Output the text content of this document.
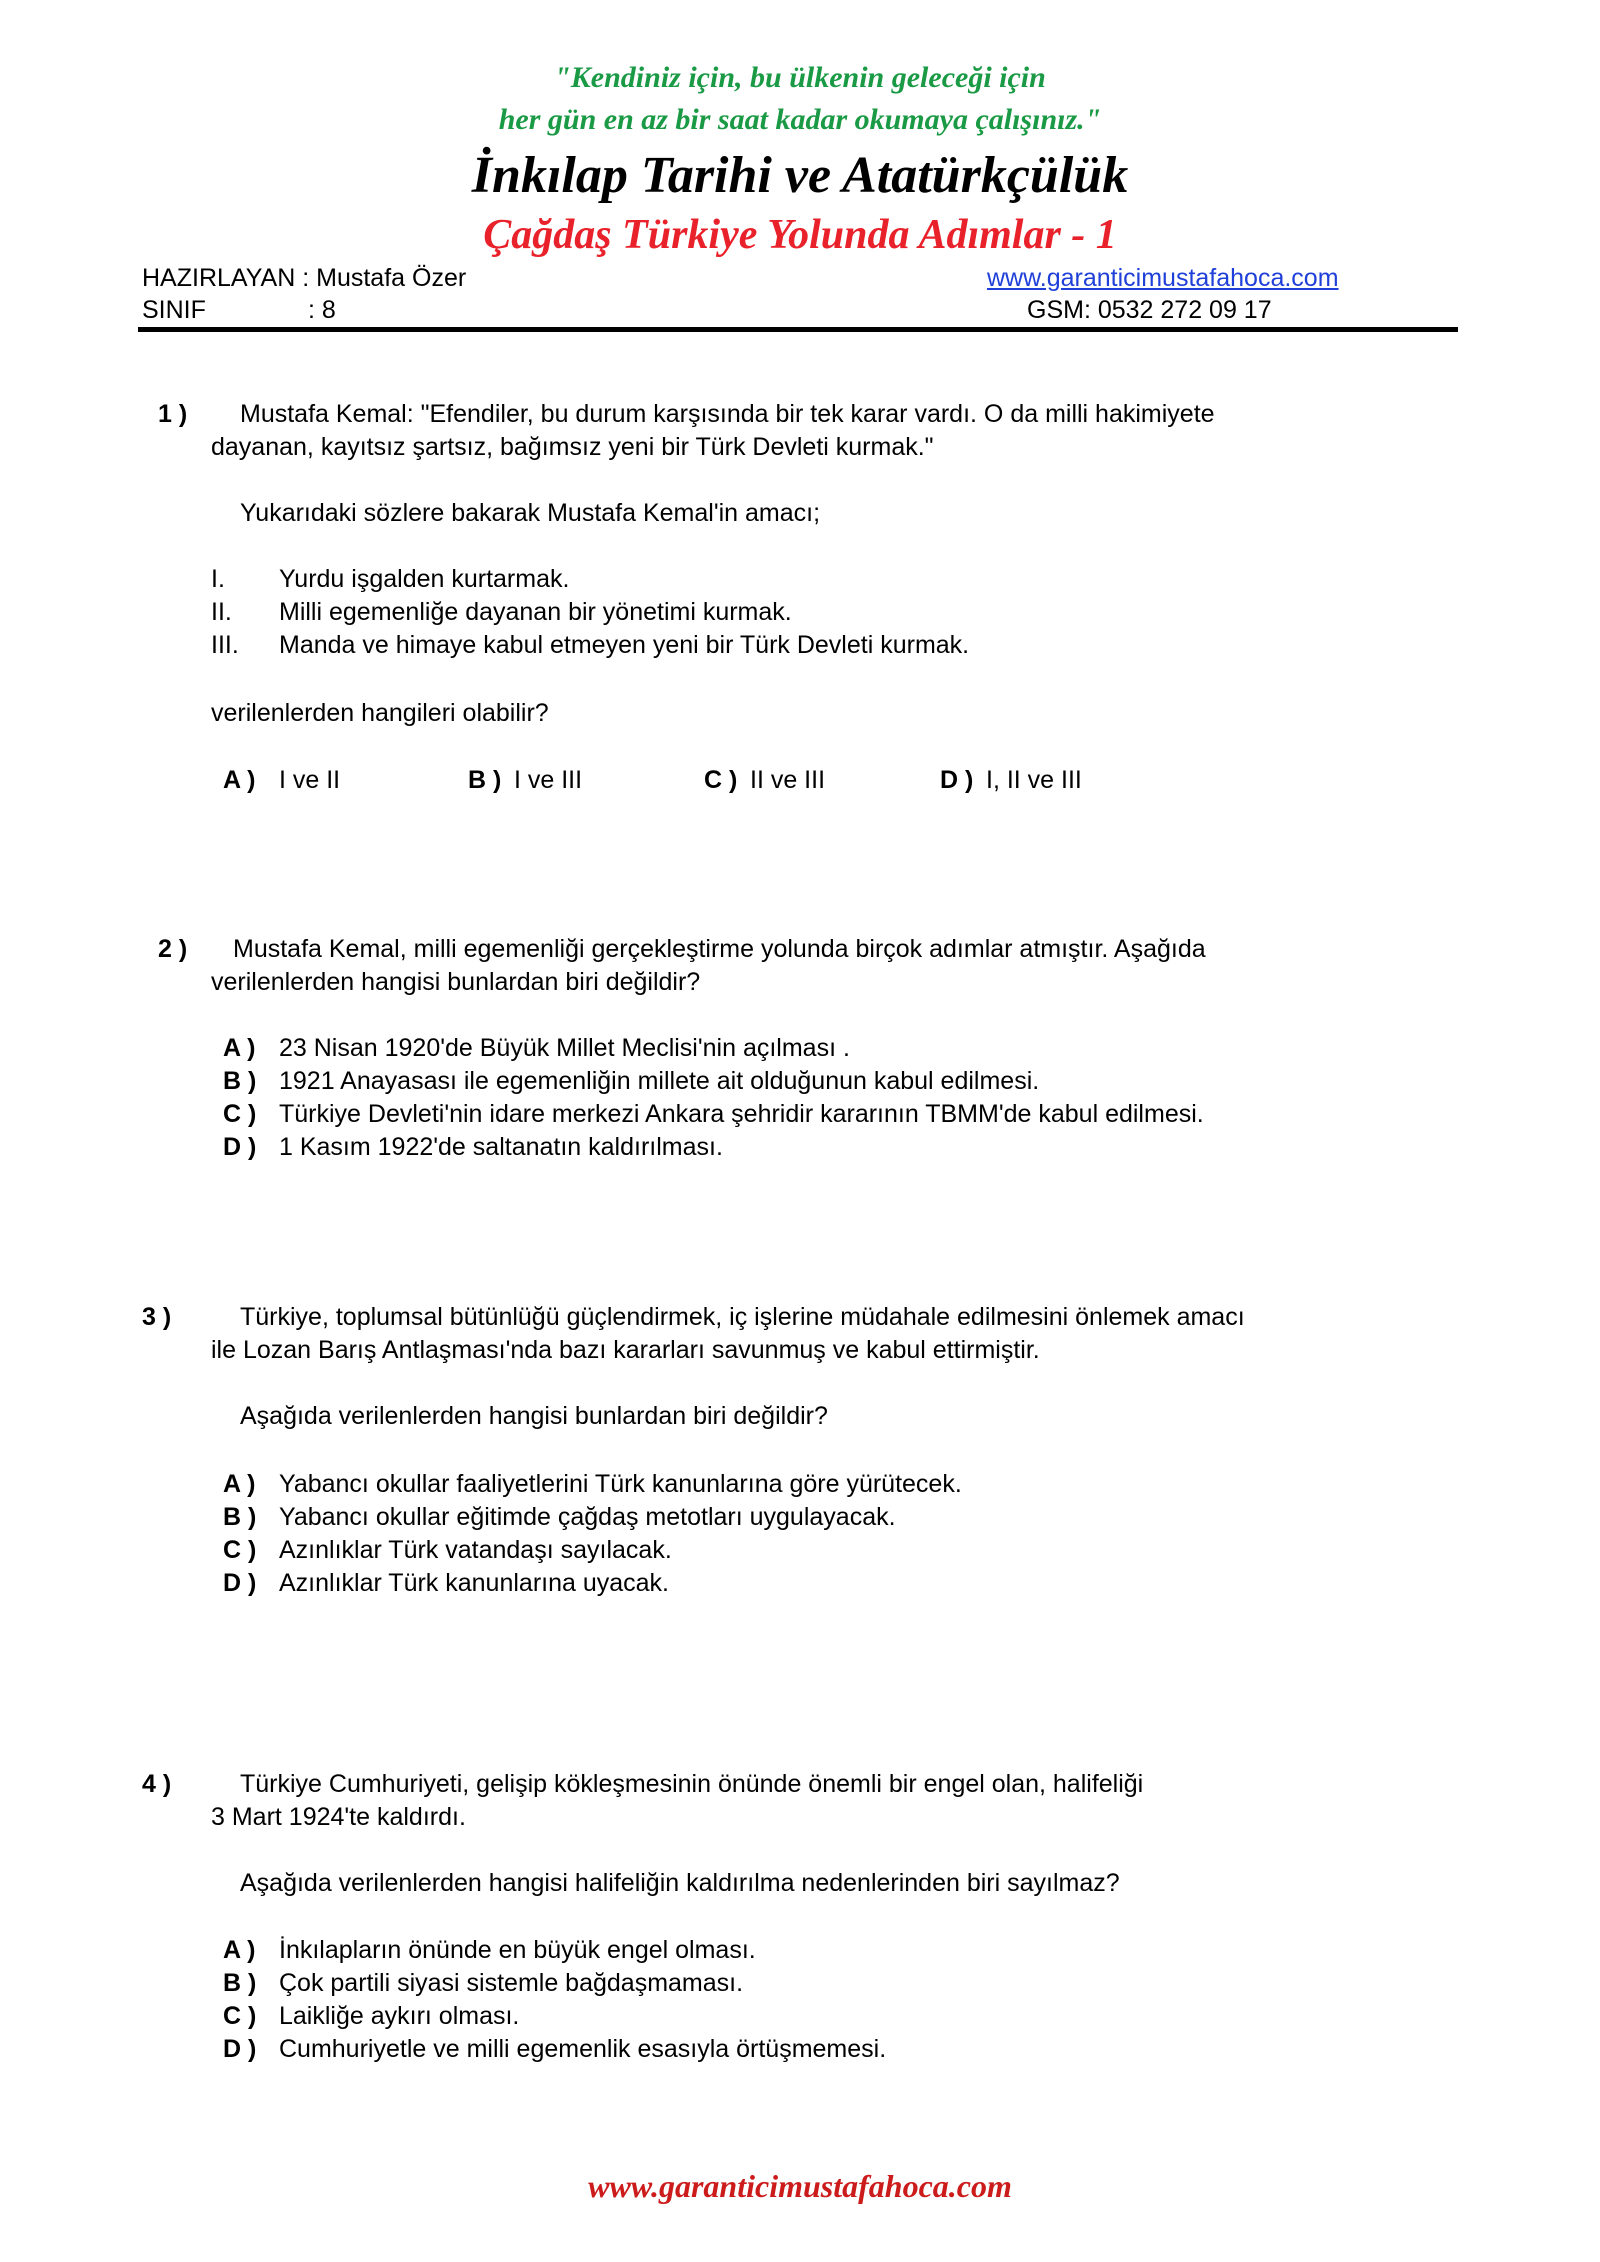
"Kendiniz için, bu ülkenin geleceği için
her gün en az bir saat kadar okumaya çalışınız."
İnkılap Tarihi ve Atatürkçülük
Çağdaş Türkiye Yolunda Adımlar - 1
HAZIRLAYAN : Mustafa Özer	www.garanticimustafahoca.com
SINIF	: 8	GSM: 0532 272 09 17
1 ) Mustafa Kemal: "Efendiler, bu durum karşısında bir tek karar vardı. O da milli hakimiyete
dayanan, kayıtsız şartsız, bağımsız yeni bir Türk Devleti kurmak."
Yukarıdaki sözlere bakarak Mustafa Kemal'in amacı;
I. Yurdu işgalden kurtarmak.
II. Milli egemenliğe dayanan bir yönetimi kurmak.
III. Manda ve himaye kabul etmeyen yeni bir Türk Devleti kurmak.
verilenlerden hangileri olabilir?
A ) I ve II	B ) I ve III	C ) II ve III	D ) I, II ve III
2 ) Mustafa Kemal, milli egemenliği gerçekleştirme yolunda birçok adımlar atmıştır. Aşağıda
verilenlerden hangisi bunlardan biri değildir?
A ) 23 Nisan 1920'de Büyük Millet Meclisi'nin açılması .
B ) 1921 Anayasası ile egemenliğin millete ait olduğunun kabul edilmesi.
C ) Türkiye Devleti'nin idare merkezi Ankara şehridir kararının TBMM'de kabul edilmesi.
D ) 1 Kasım 1922'de saltanatın kaldırılması.
3 )	Türkiye, toplumsal bütünlüğü güçlendirmek, iç işlerine müdahale edilmesini önlemek amacı
ile Lozan Barış Antlaşması'nda bazı kararları savunmuş ve kabul ettirmiştir.
Aşağıda verilenlerden hangisi bunlardan biri değildir?
A ) Yabancı okullar faaliyetlerini Türk kanunlarına göre yürütecek.
B ) Yabancı okullar eğitimde çağdaş metotları uygulayacak.
C ) Azınlıklar Türk vatandaşı sayılacak.
D ) Azınlıklar Türk kanunlarına uyacak.
4 )	Türkiye Cumhuriyeti, gelişip kökleşmesinin önünde önemli bir engel olan, halifeliği
3 Mart 1924'te kaldırdı.
Aşağıda verilenlerden hangisi halifeliğin kaldırılma nedenlerinden biri sayılmaz?
A ) İnkılapların önünde en büyük engel olması.
B ) Çok partili siyasi sistemle bağdaşmaması.
C ) Laikliğe aykırı olması.
D ) Cumhuriyetle ve milli egemenlik esasıyla örtüşmemesi.
www.garanticimustafahoca.com
